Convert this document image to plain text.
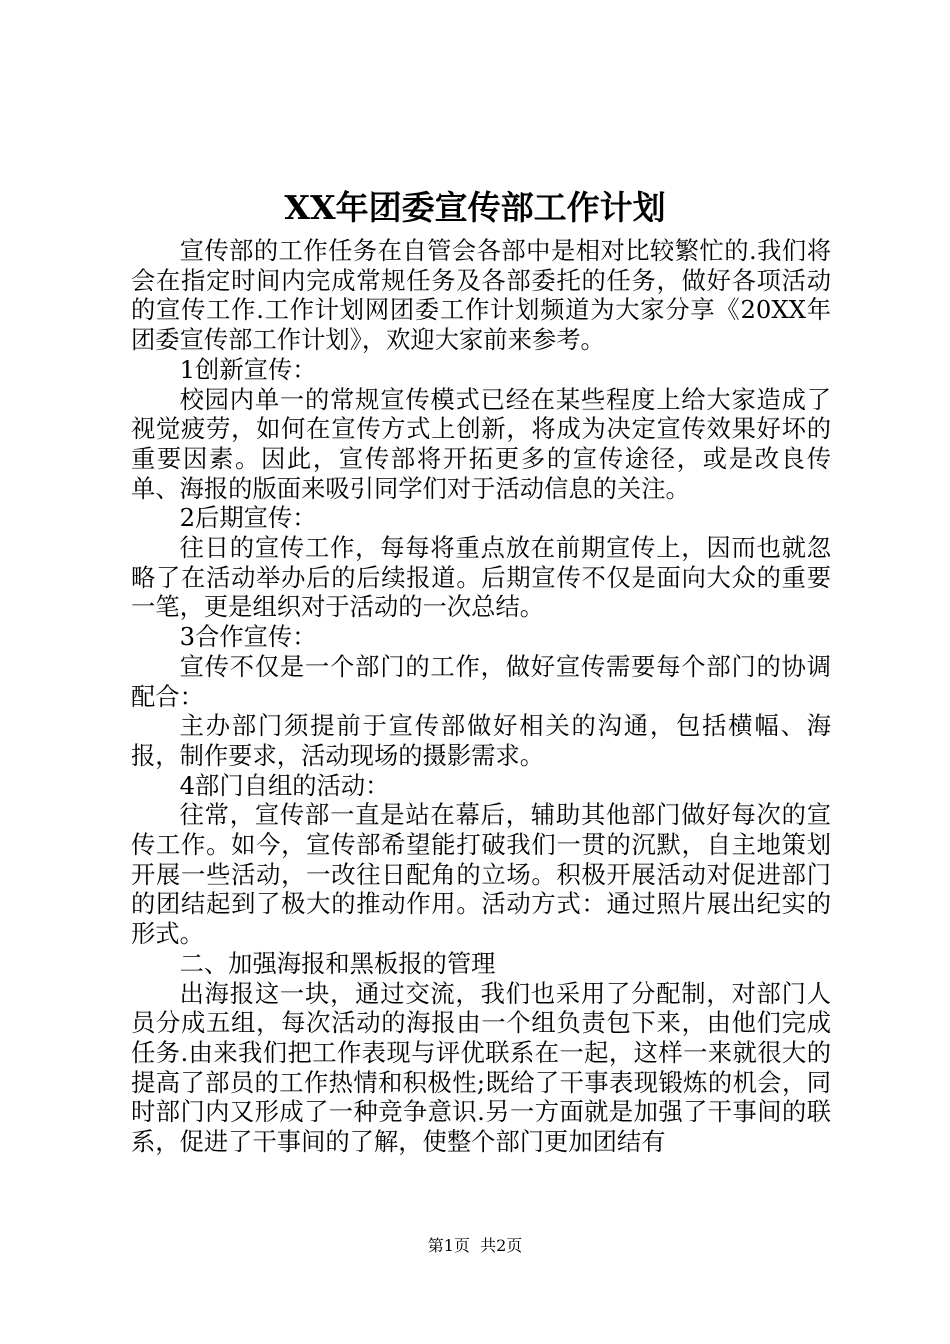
XX年团委宣传部工作计划

宣传部的工作任务在自管会各部中是相对比较繁忙的.我们将会在指定时间内完成常规任务及各部委托的任务，做好各项活动的宣传工作.工作计划网团委工作计划频道为大家分享《20XX年团委宣传部工作计划》，欢迎大家前来参考。

1创新宣传：

校园内单一的常规宣传模式已经在某些程度上给大家造成了视觉疲劳，如何在宣传方式上创新，将成为决定宣传效果好坏的重要因素。因此，宣传部将开拓更多的宣传途径，或是改良传单、海报的版面来吸引同学们对于活动信息的关注。

2后期宣传：

往日的宣传工作，每每将重点放在前期宣传上，因而也就忽略了在活动举办后的后续报道。后期宣传不仅是面向大众的重要一笔，更是组织对于活动的一次总结。

3合作宣传：

宣传不仅是一个部门的工作，做好宣传需要每个部门的协调配合：

主办部门须提前于宣传部做好相关的沟通，包括横幅、海报，制作要求，活动现场的摄影需求。

4部门自组的活动：

往常，宣传部一直是站在幕后，辅助其他部门做好每次的宣传工作。如今，宣传部希望能打破我们一贯的沉默，自主地策划开展一些活动，一改往日配角的立场。积极开展活动对促进部门的团结起到了极大的推动作用。活动方式：通过照片展出纪实的形式。

二、加强海报和黑板报的管理

出海报这一块，通过交流，我们也采用了分配制，对部门人员分成五组，每次活动的海报由一个组负责包下来，由他们完成任务.由来我们把工作表现与评优联系在一起，这样一来就很大的提高了部员的工作热情和积极性;既给了干事表现锻炼的机会，同时部门内又形成了一种竞争意识.另一方面就是加强了干事间的联系，促进了干事间的了解，使整个部门更加团结有

第1页 共2页
